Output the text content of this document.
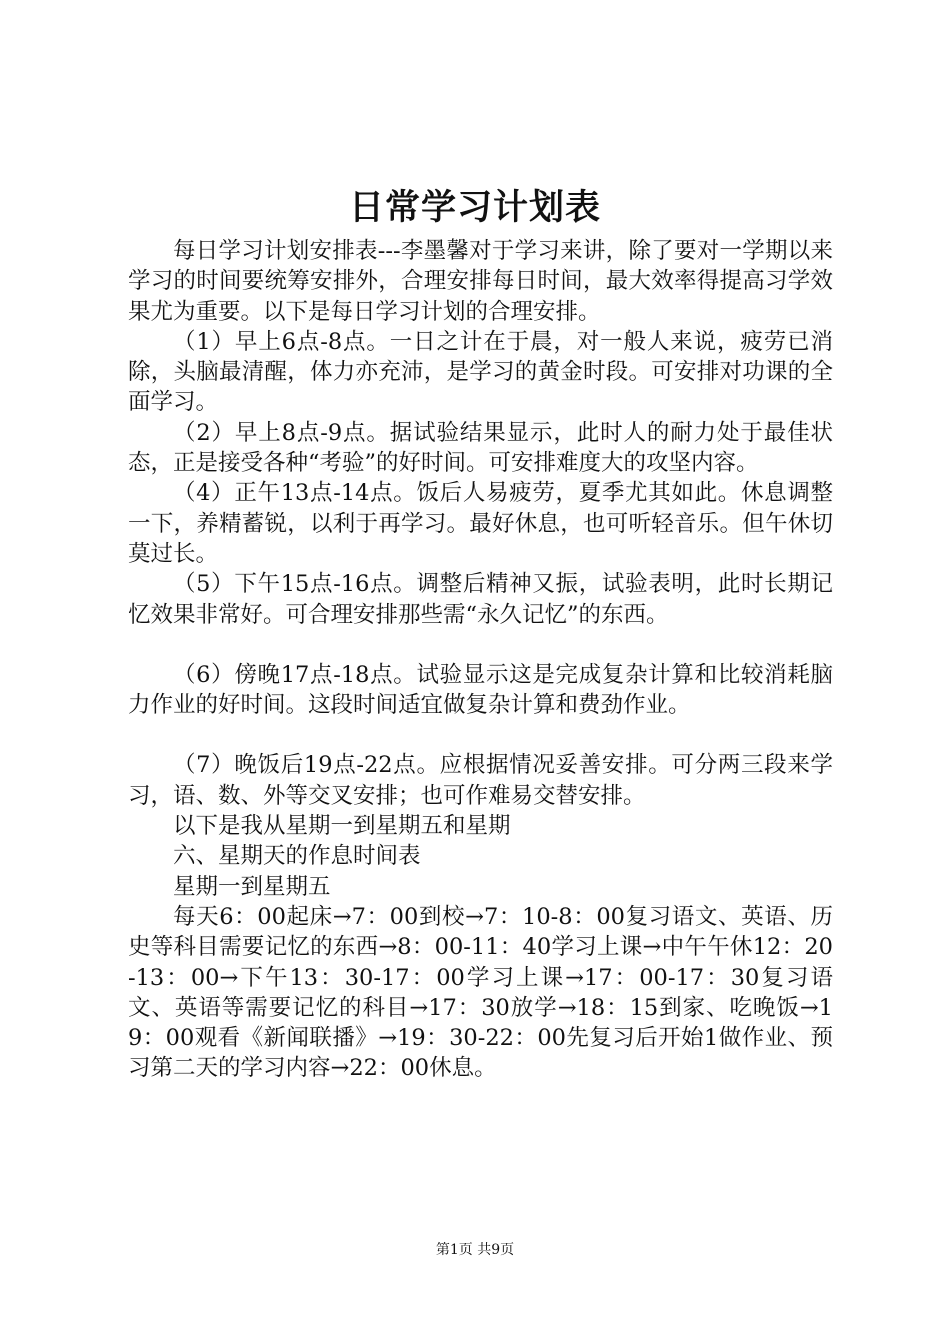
日常学习计划表

每日学习计划安排表---李墨馨对于学习来讲，除了要对一学期以来学习的时间要统筹安排外，合理安排每日时间，最大效率得提高习学效果尤为重要。以下是每日学习计划的合理安排。

（1）早上6点-8点。一日之计在于晨，对一般人来说，疲劳已消除，头脑最清醒，体力亦充沛，是学习的黄金时段。可安排对功课的全面学习。

（2）早上8点-9点。据试验结果显示，此时人的耐力处于最佳状态，正是接受各种“考验”的好时间。可安排难度大的攻坚内容。

（4）正午13点-14点。饭后人易疲劳，夏季尤其如此。休息调整一下，养精蓄锐，以利于再学习。最好休息，也可听轻音乐。但午休切莫过长。

（5）下午15点-16点。调整后精神又振，试验表明，此时长期记忆效果非常好。可合理安排那些需“永久记忆”的东西。

（6）傍晚17点-18点。试验显示这是完成复杂计算和比较消耗脑力作业的好时间。这段时间适宜做复杂计算和费劲作业。

（7）晚饭后19点-22点。应根据情况妥善安排。可分两三段来学习，语、数、外等交叉安排；也可作难易交替安排。

以下是我从星期一到星期五和星期

六、星期天的作息时间表

星期一到星期五

每天6：00起床→7：00到校→7：10-8：00复习语文、英语、历史等科目需要记忆的东西→8：00-11：40学习上课→中午午休12：20-13：00→下午13：30-17：00学习上课→17：00-17：30复习语文、英语等需要记忆的科目→17：30放学→18：15到家、吃晚饭→19：00观看《新闻联播》→19：30-22：00先复习后开始1做作业、预习第二天的学习内容→22：00休息。

第1页 共9页
